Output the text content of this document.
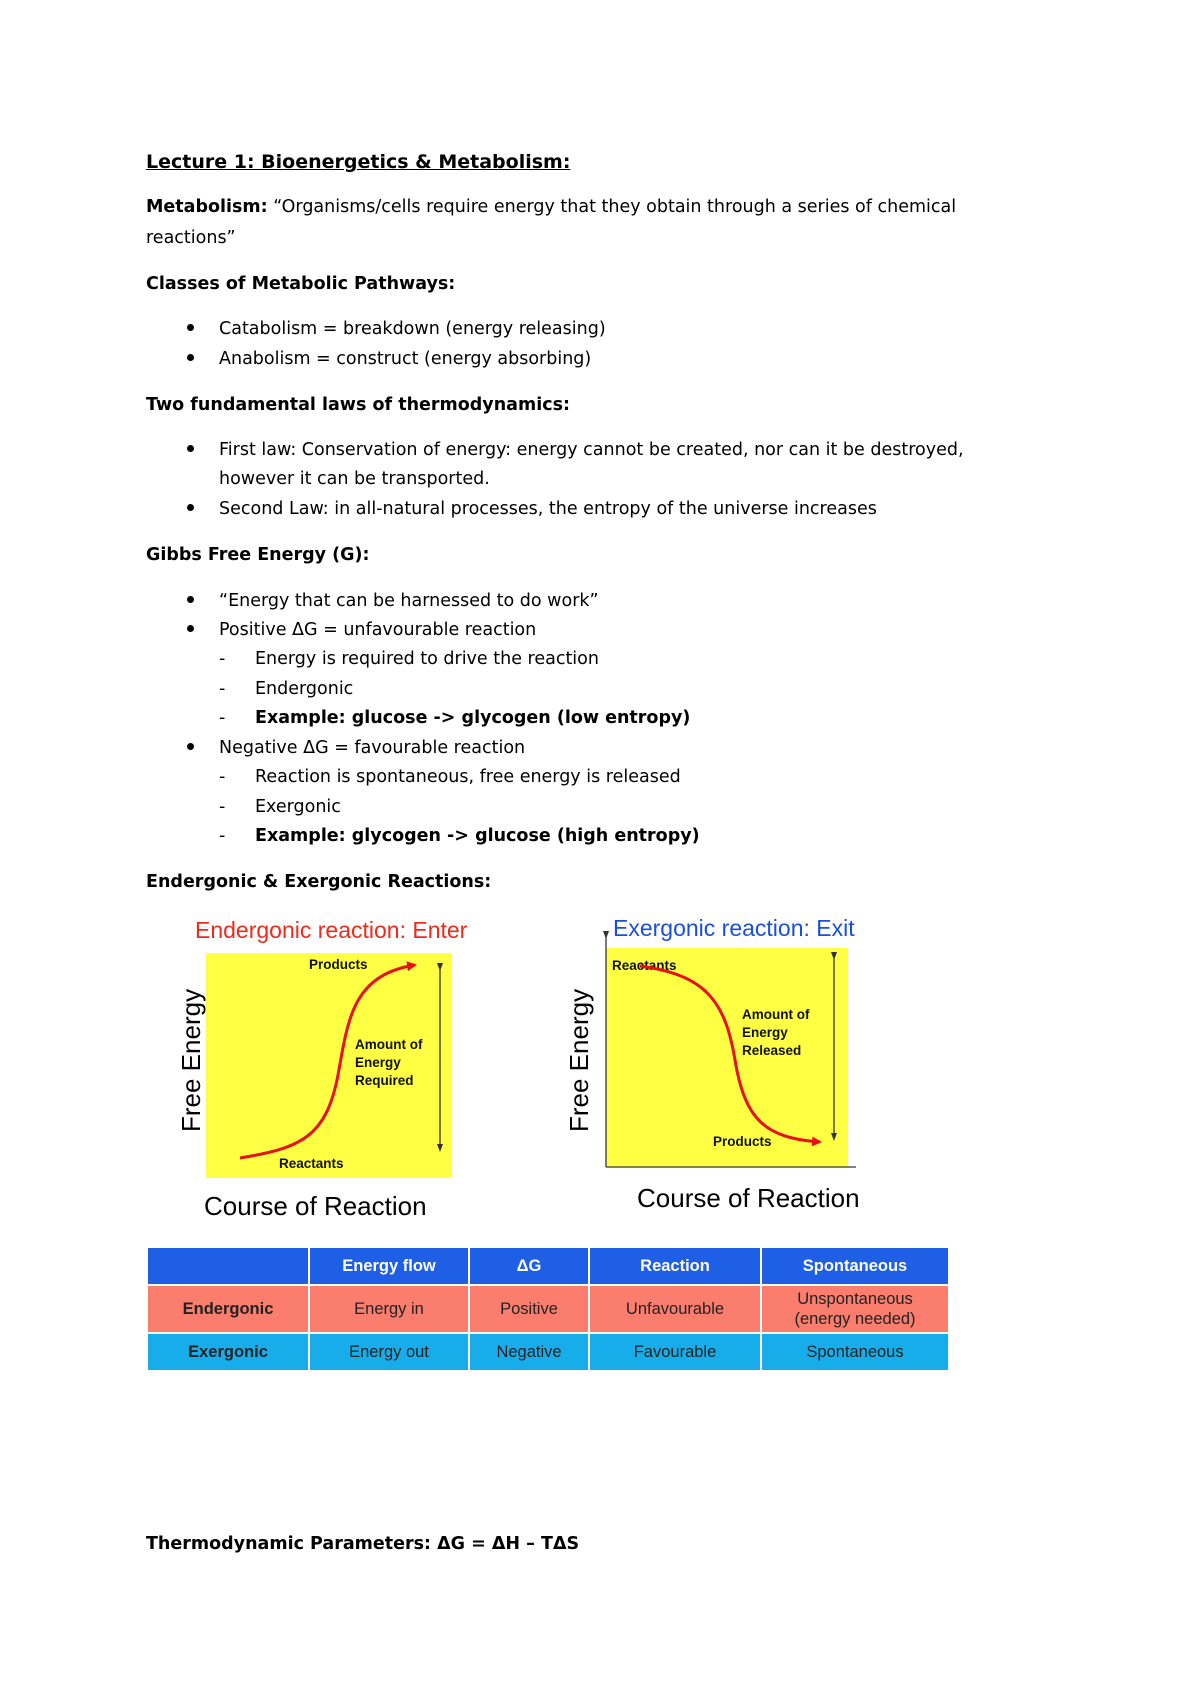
Lecture 1: Bioenergetics & Metabolism:
Metabolism: “Organisms/cells require energy that they obtain through a series of chemical
reactions”
Classes of Metabolic Pathways:
Catabolism = breakdown (energy releasing)
Anabolism = construct (energy absorbing)
Two fundamental laws of thermodynamics:
First law: Conservation of energy: energy cannot be created, nor can it be destroyed,
however it can be transported.
Second Law: in all-natural processes, the entropy of the universe increases
Gibbs Free Energy (G):
“Energy that can be harnessed to do work”
Positive ΔG = unfavourable reaction
- Energy is required to drive the reaction
- Endergonic
- Example: glucose -> glycogen (low entropy)
Negative ΔG = favourable reaction
- Reaction is spontaneous, free energy is released
- Exergonic
- Example: glycogen -> glucose (high entropy)
Endergonic & Exergonic Reactions:
Endergonic reaction: Enter
Free Energy
Course of Reaction
Products
Reactants
Amount of
Energy
Required
Exergonic reaction: Exit
Free Energy
Course of Reaction
Reactants
Products
Amount of
Energy
Released
	Energy flow	ΔG	Reaction	Spontaneous
Endergonic	Energy in	Positive	Unfavourable	Unspontaneous
(energy needed)

Exergonic	Energy out	Negative	Favourable	Spontaneous
Thermodynamic Parameters: ΔG = ΔH – TΔS
